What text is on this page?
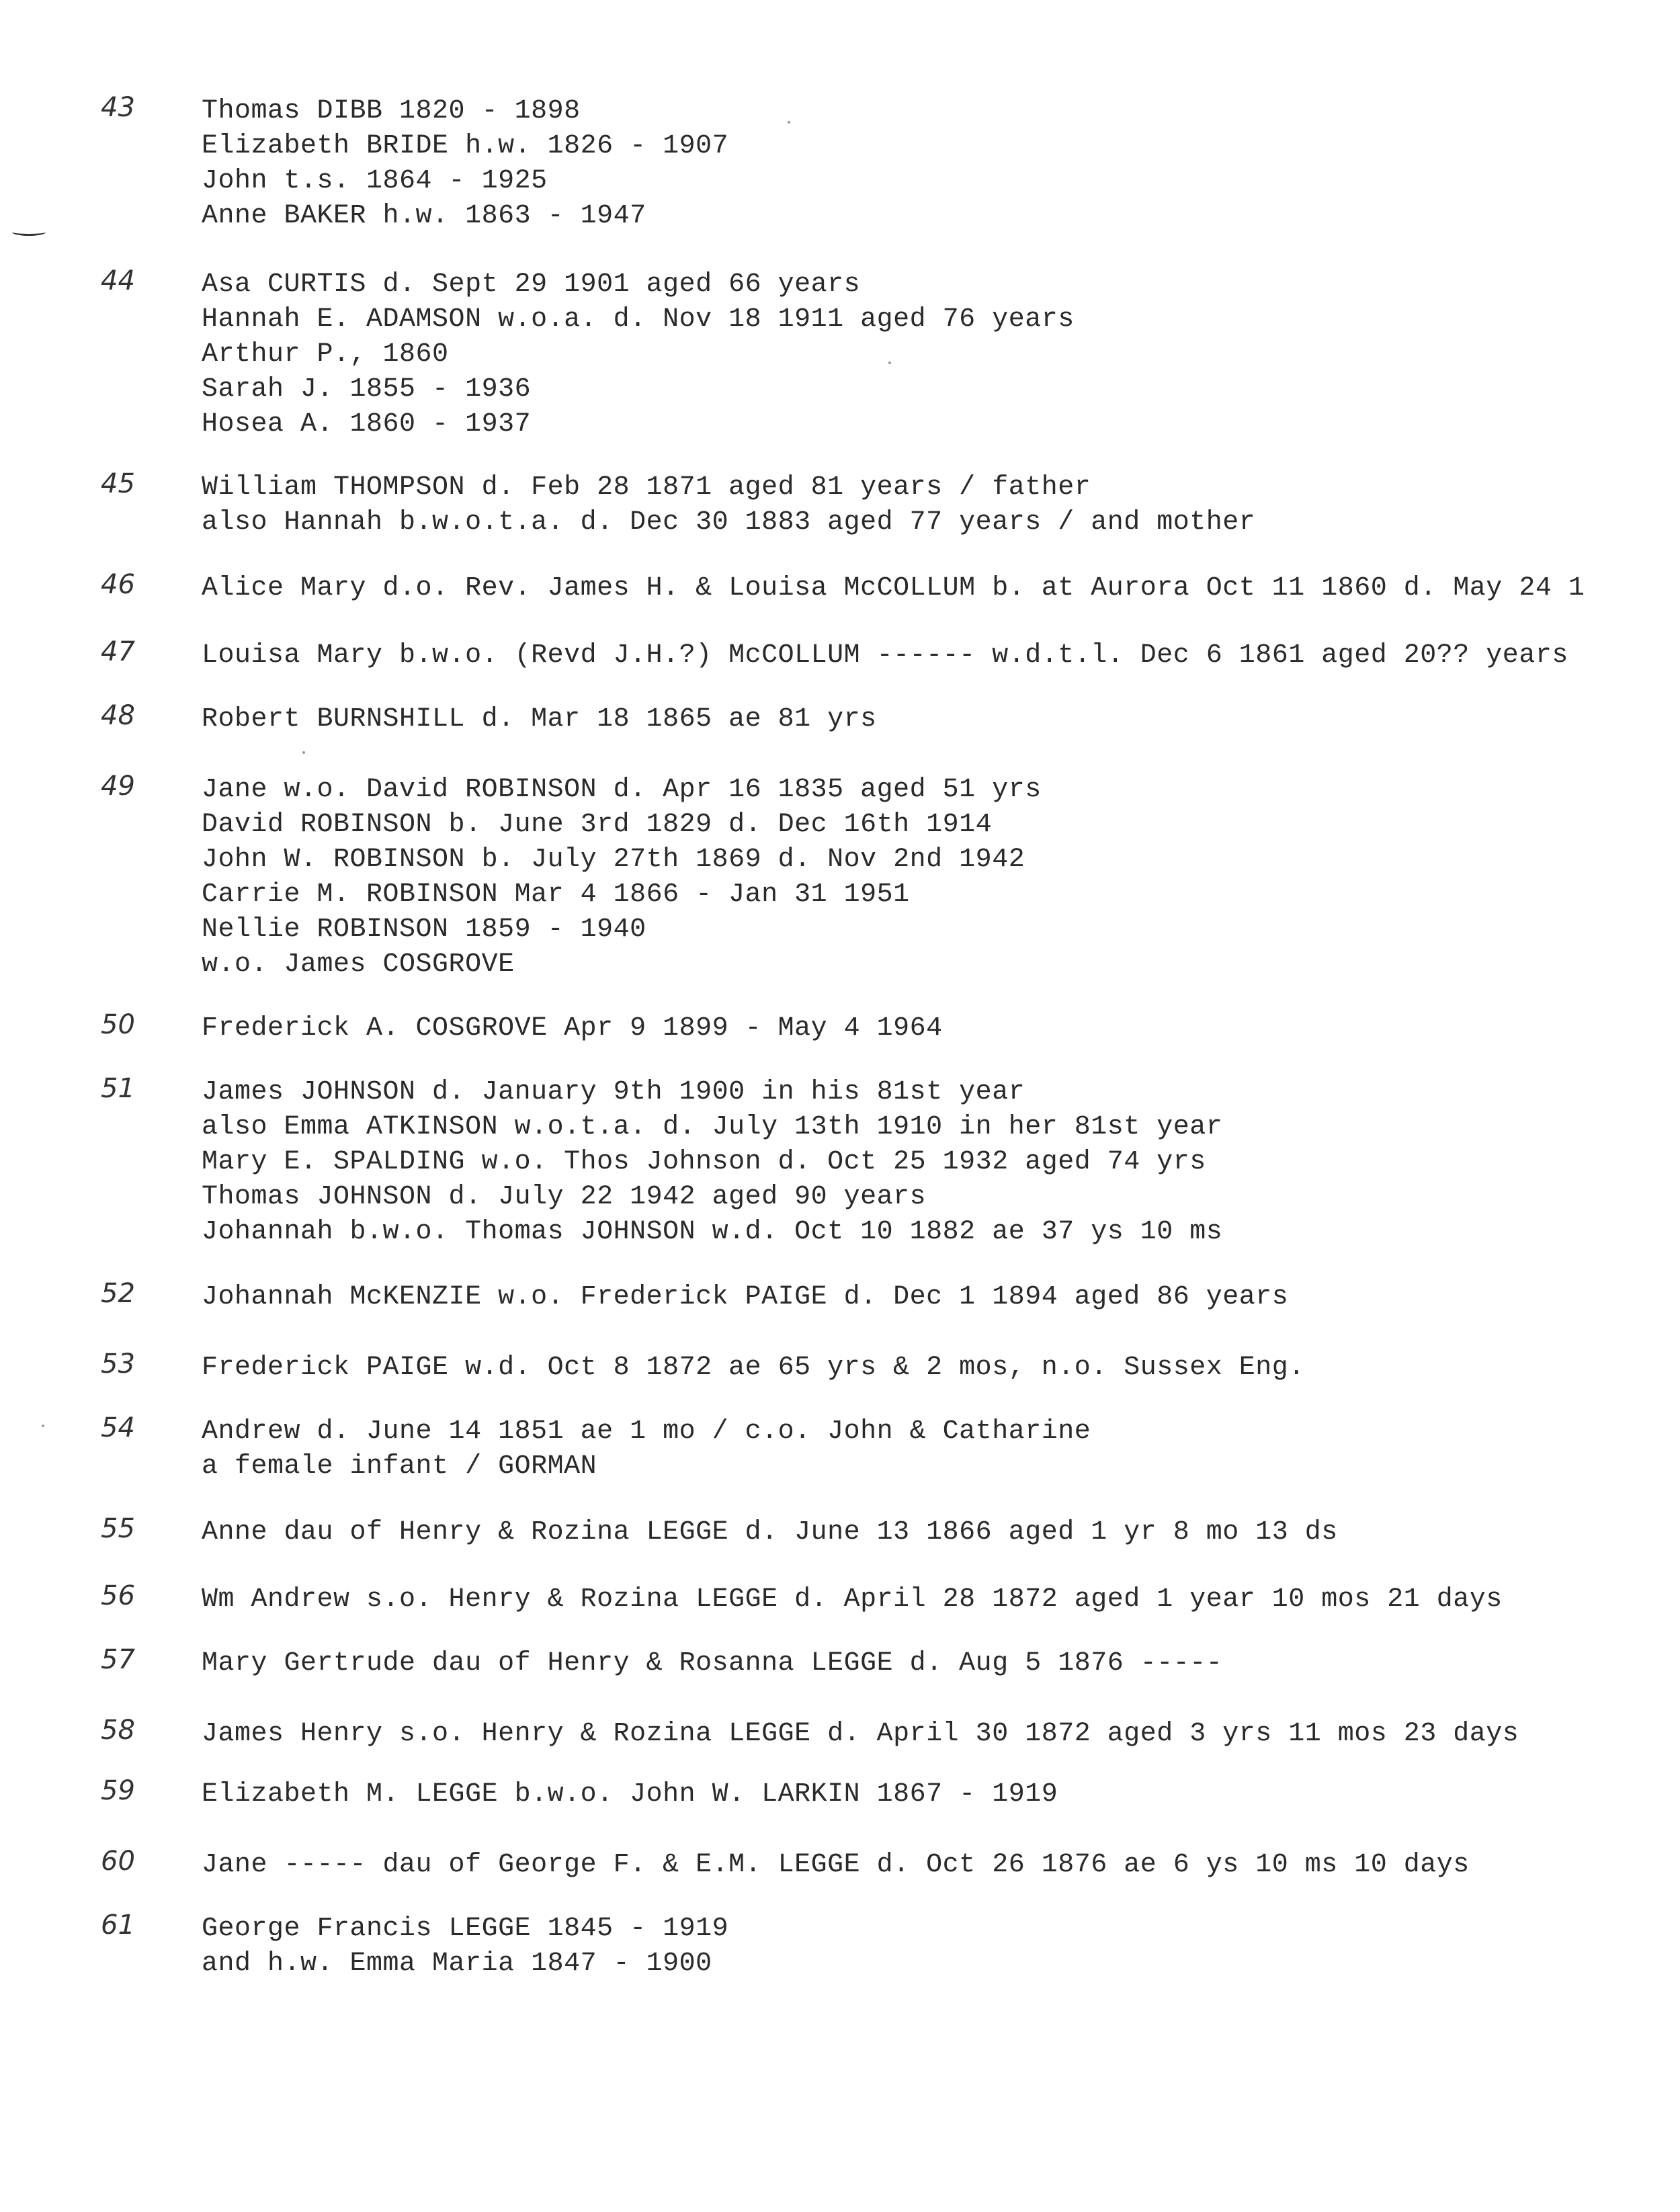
43	Thomas DIBB 1820 - 1898
Elizabeth BRIDE h.w. 1826 - 1907
John t.s. 1864 - 1925
Anne BAKER h.w. 1863 - 1947
44	Asa CURTIS d. Sept 29 1901 aged 66 years
Hannah E. ADAMSON w.o.a. d. Nov 18 1911 aged 76 years
Arthur P., 1860
Sarah J. 1855 - 1936
Hosea A. 1860 - 1937
45	William THOMPSON d. Feb 28 1871 aged 81 years / father
also Hannah b.w.o.t.a. d. Dec 30 1883 aged 77 years / and mother
46	Alice Mary d.o. Rev. James H. & Louisa McCOLLUM b. at Aurora Oct 11 1860 d. May 24 1
47	Louisa Mary b.w.o. (Revd J.H.?) McCOLLUM ------ w.d.t.l. Dec 6 1861 aged 20?? years
48	Robert BURNSHILL d. Mar 18 1865 ae 81 yrs
49	Jane w.o. David ROBINSON d. Apr 16 1835 aged 51 yrs
David ROBINSON b. June 3rd 1829 d. Dec 16th 1914
John W. ROBINSON b. July 27th 1869 d. Nov 2nd 1942
Carrie M. ROBINSON Mar 4 1866 - Jan 31 1951
Nellie ROBINSON 1859 - 1940
w.o. James COSGROVE
50	Frederick A. COSGROVE Apr 9 1899 - May 4 1964
51	James JOHNSON d. January 9th 1900 in his 81st year
also Emma ATKINSON w.o.t.a. d. July 13th 1910 in her 81st year
Mary E. SPALDING w.o. Thos Johnson d. Oct 25 1932 aged 74 yrs
Thomas JOHNSON d. July 22 1942 aged 90 years
Johannah b.w.o. Thomas JOHNSON w.d. Oct 10 1882 ae 37 ys 10 ms
52	Johannah McKENZIE w.o. Frederick PAIGE d. Dec 1 1894 aged 86 years
53	Frederick PAIGE w.d. Oct 8 1872 ae 65 yrs & 2 mos, n.o. Sussex Eng.
54	Andrew d. June 14 1851 ae 1 mo / c.o. John & Catharine
a female infant / GORMAN
55	Anne dau of Henry & Rozina LEGGE d. June 13 1866 aged 1 yr 8 mo 13 ds
56	Wm Andrew s.o. Henry & Rozina LEGGE d. April 28 1872 aged 1 year 10 mos 21 days
57	Mary Gertrude dau of Henry & Rosanna LEGGE d. Aug 5 1876 -----
58	James Henry s.o. Henry & Rozina LEGGE d. April 30 1872 aged 3 yrs 11 mos 23 days
59	Elizabeth M. LEGGE b.w.o. John W. LARKIN 1867 - 1919
60	Jane ----- dau of George F. & E.M. LEGGE d. Oct 26 1876 ae 6 ys 10 ms 10 days
61	George Francis LEGGE 1845 - 1919
and h.w. Emma Maria 1847 - 1900
